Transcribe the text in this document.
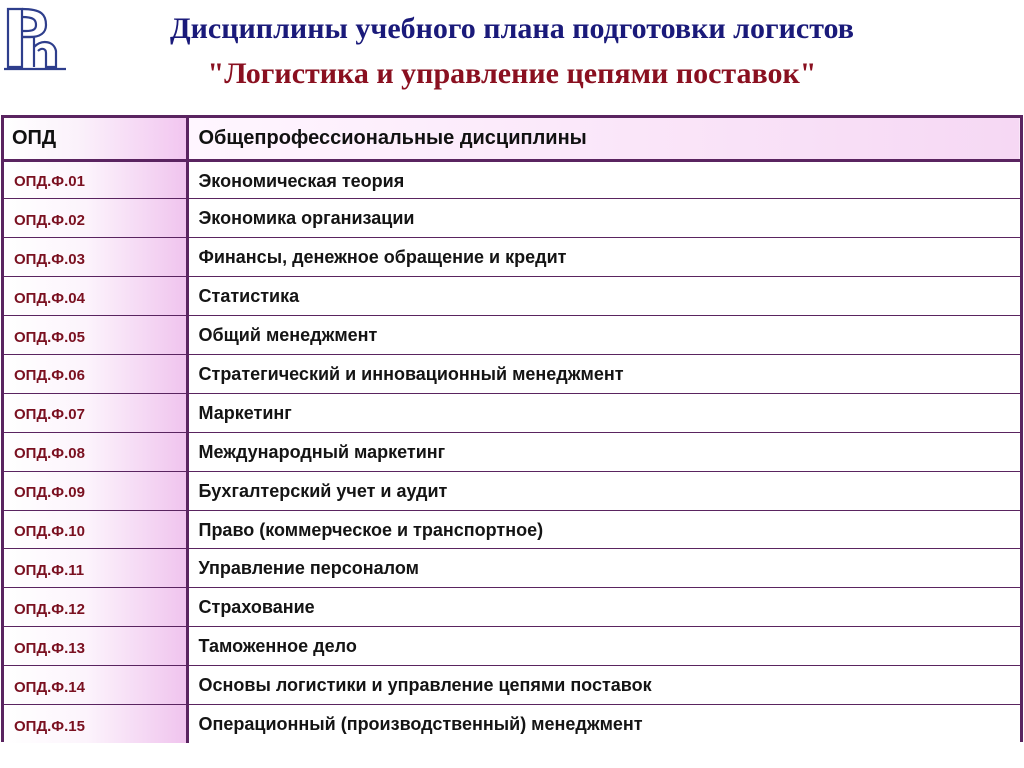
Дисциплины учебного плана подготовки логистов
"Логистика и управление цепями поставок"
ОПД	Общепрофессиональные дисциплины
ОПД.Ф.01	Экономическая теория
ОПД.Ф.02	Экономика организации
ОПД.Ф.03	Финансы, денежное обращение и кредит
ОПД.Ф.04	Статистика
ОПД.Ф.05	Общий менеджмент
ОПД.Ф.06	Стратегический и инновационный менеджмент
ОПД.Ф.07	Маркетинг
ОПД.Ф.08	Международный маркетинг
ОПД.Ф.09	Бухгалтерский учет и аудит
ОПД.Ф.10	Право (коммерческое и транспортное)
ОПД.Ф.11	Управление персоналом
ОПД.Ф.12	Страхование
ОПД.Ф.13	Таможенное дело
ОПД.Ф.14	Основы логистики и управление цепями поставок
ОПД.Ф.15	Операционный (производственный) менеджмент
